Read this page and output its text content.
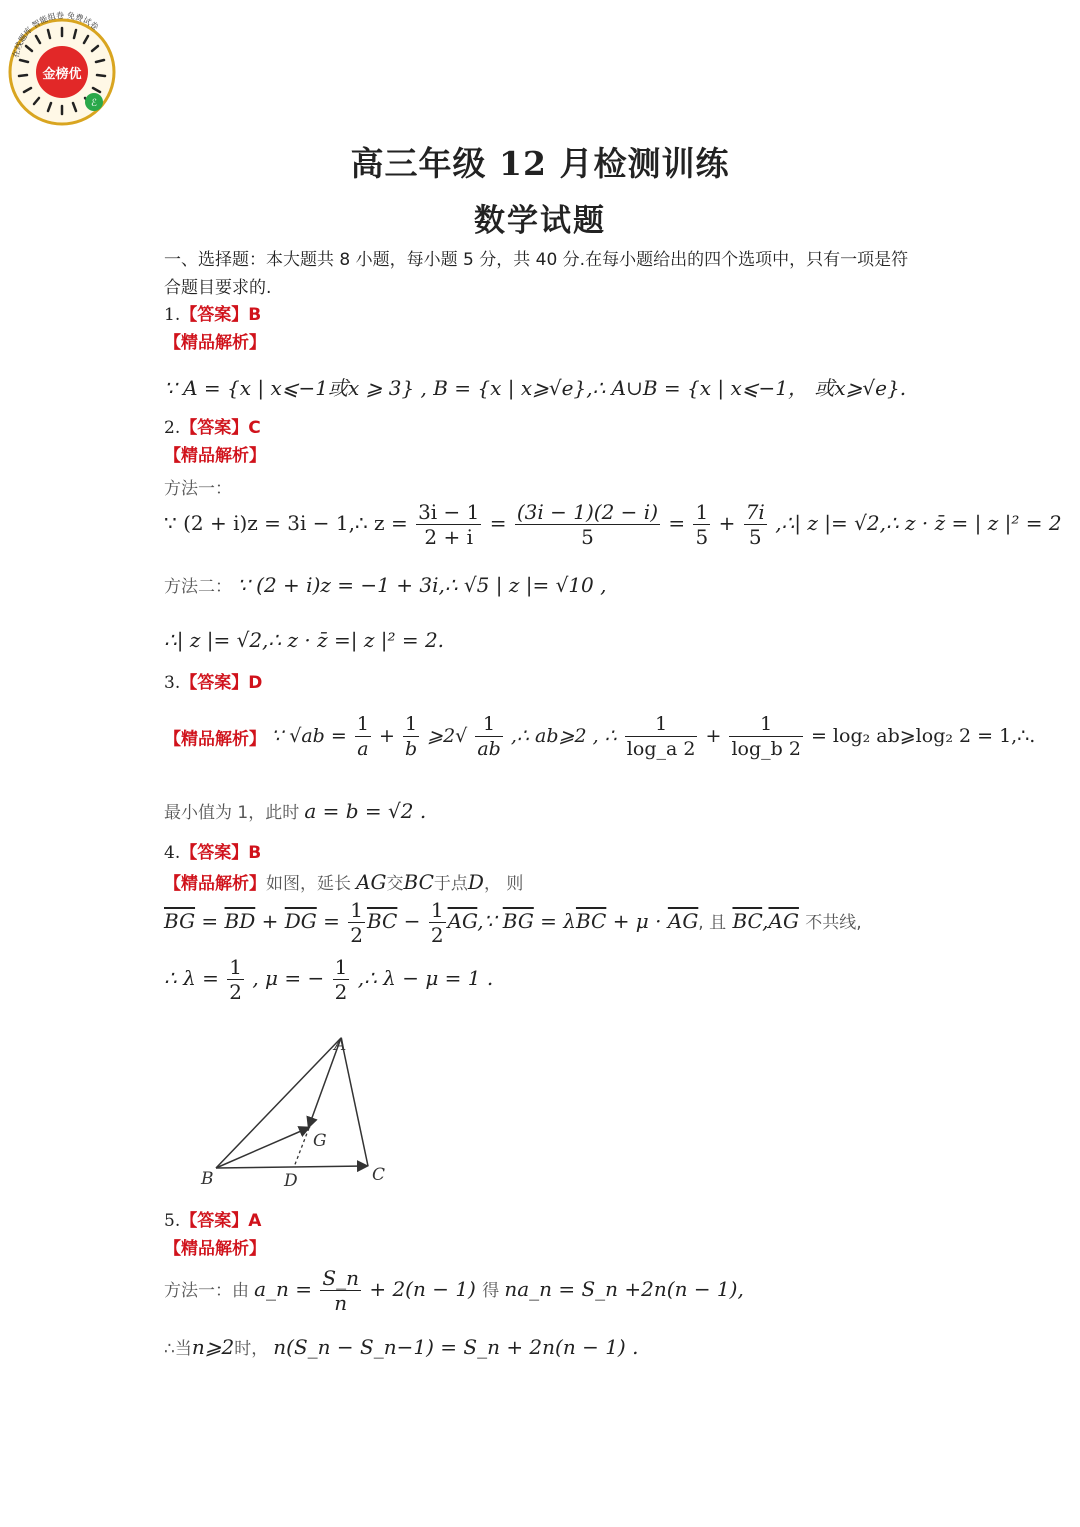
金榜优
ℰ
在线题库 智能组卷 免费试卷
高三年级 12 月检测训练
数学试题
一、选择题：本大题共 8 小题，每小题 5 分，共 40 分.在每小题给出的四个选项中，只有一项是符合题目要求的.
1.【答案】B
【精品解析】
∵ A = {x | x⩽−1或x ⩾ 3} , B = {x | x⩾√e},∴ A∪B = {x | x⩽−1， 或x⩾√e}.
2.【答案】C
【精品解析】
方法一：
∵ (2 + i)z = 3i − 1,∴ $z = \frac{3i - 1}{2 + i} = \frac{(3i - 1)(2 - i)}{5} = \frac{1}{5} + \frac{7i}{5}$ ,∴| z |= √2,∴ z · z̄ = | z |² = 2
方法二： ∵ (2 + i)z = −1 + 3i,∴ √5 | z |= √10 ,
∴| z |= √2,∴ z · z̄ =| z |² = 2.
3.【答案】D
【精品解析】 ∵ $√ab = \frac{1}{a} + \frac{1}{b}$ ⩾2√ $\frac{1}{ab}$ ,∴ ab⩾2 , ∴ $\frac{1}{\log\_a 2} + \frac{1}{\log\_b 2} = \log_2$ ab⩾log₂ 2 = 1,∴.
最小值为 1，此时 a = b = √2 .
4.【答案】B
【精品解析】如图，延长 AG交BC于点D， 则
$\overline{BG} = \overline{BD} + \overline{DG} = \frac{1}{2} \overline{BC} - \frac{1}{2}$ $\overline{AG},\because$ $\overline{BG} = \lambda\overline{BC} + \mu \cdot \overline{AG}$, 且 $\overline{BC},\overline{AG}$ 不共线,
∴ $\lambda = \frac{1}{2}$ , μ = − $\frac{1}{2}$ ,∴ λ − μ = 1 .
A
B	C
D
G
5.【答案】A
【精品解析】
方法一：由 a_n = $\frac{S\_n}{n} + 2(n - 1)$ 得 na_n = S_n +2n(n − 1),
∴当n⩾2时， n(S_n − S_n−1) = S_n + 2n(n − 1) .
